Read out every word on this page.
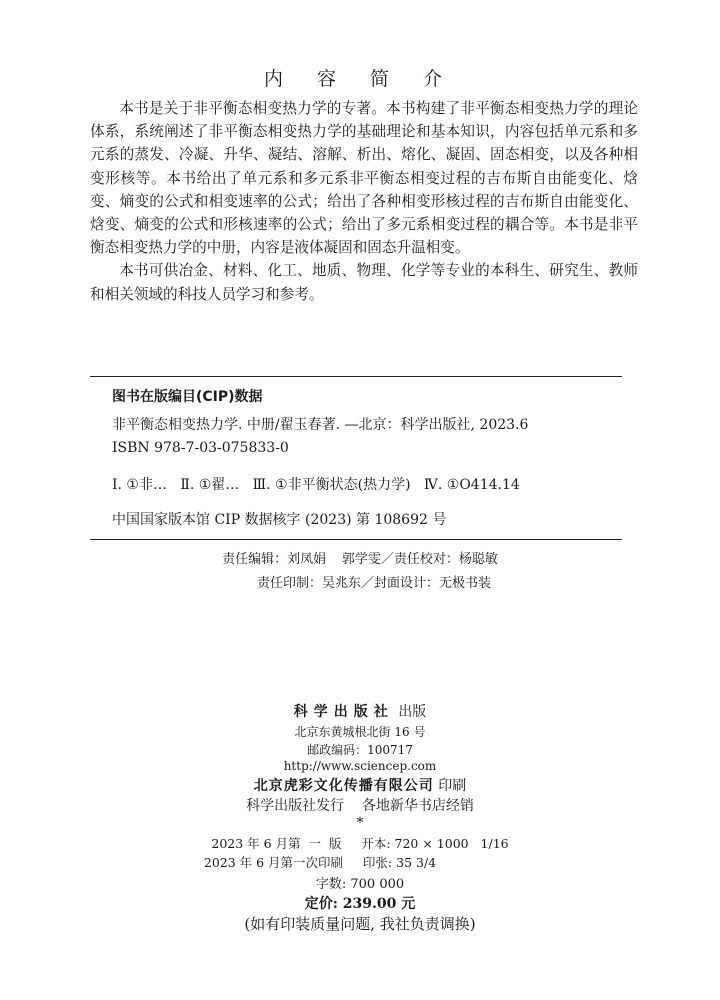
内 容 简 介

本书是关于非平衡态相变热力学的专著。本书构建了非平衡态相变热力学的理论体系，系统阐述了非平衡态相变热力学的基础理论和基本知识，内容包括单元系和多元系的蒸发、冷凝、升华、凝结、溶解、析出、熔化、凝固、固态相变，以及各种相变形核等。本书给出了单元系和多元系非平衡态相变过程的吉布斯自由能变化、焓变、熵变的公式和相变速率的公式；给出了各种相变形核过程的吉布斯自由能变化、焓变、熵变的公式和形核速率的公式；给出了多元系相变过程的耦合等。本书是非平衡态相变热力学的中册，内容是液体凝固和固态升温相变。

本书可供冶金、材料、化工、地质、物理、化学等专业的本科生、研究生、教师和相关领域的科技人员学习和参考。

图书在版编目(CIP)数据
非平衡态相变热力学. 中册/翟玉春著. —北京：科学出版社, 2023.6
ISBN 978-7-03-075833-0
Ⅰ. ①非…   Ⅱ. ①翟…   Ⅲ. ①非平衡状态(热力学)   Ⅳ. ①O414.14
中国国家版本馆 CIP 数据核字 (2023) 第 108692 号
责任编辑：刘凤娟  郭学雯／责任校对：杨聪敏
责任印制：吴兆东／封面设计：无极书装
科学出版社 出版
北京东黄城根北街 16 号
邮政编码：100717
http://www.sciencep.com
北京虎彩文化传播有限公司 印刷
科学出版社发行    各地新华书店经销
*
2023 年 6 月第  一  版     开本: 720 × 1000   1/16
2023 年 6 月第一次印刷     印张: 35 3/4
字数: 700 000
定价: 239.00 元
(如有印装质量问题, 我社负责调换)
